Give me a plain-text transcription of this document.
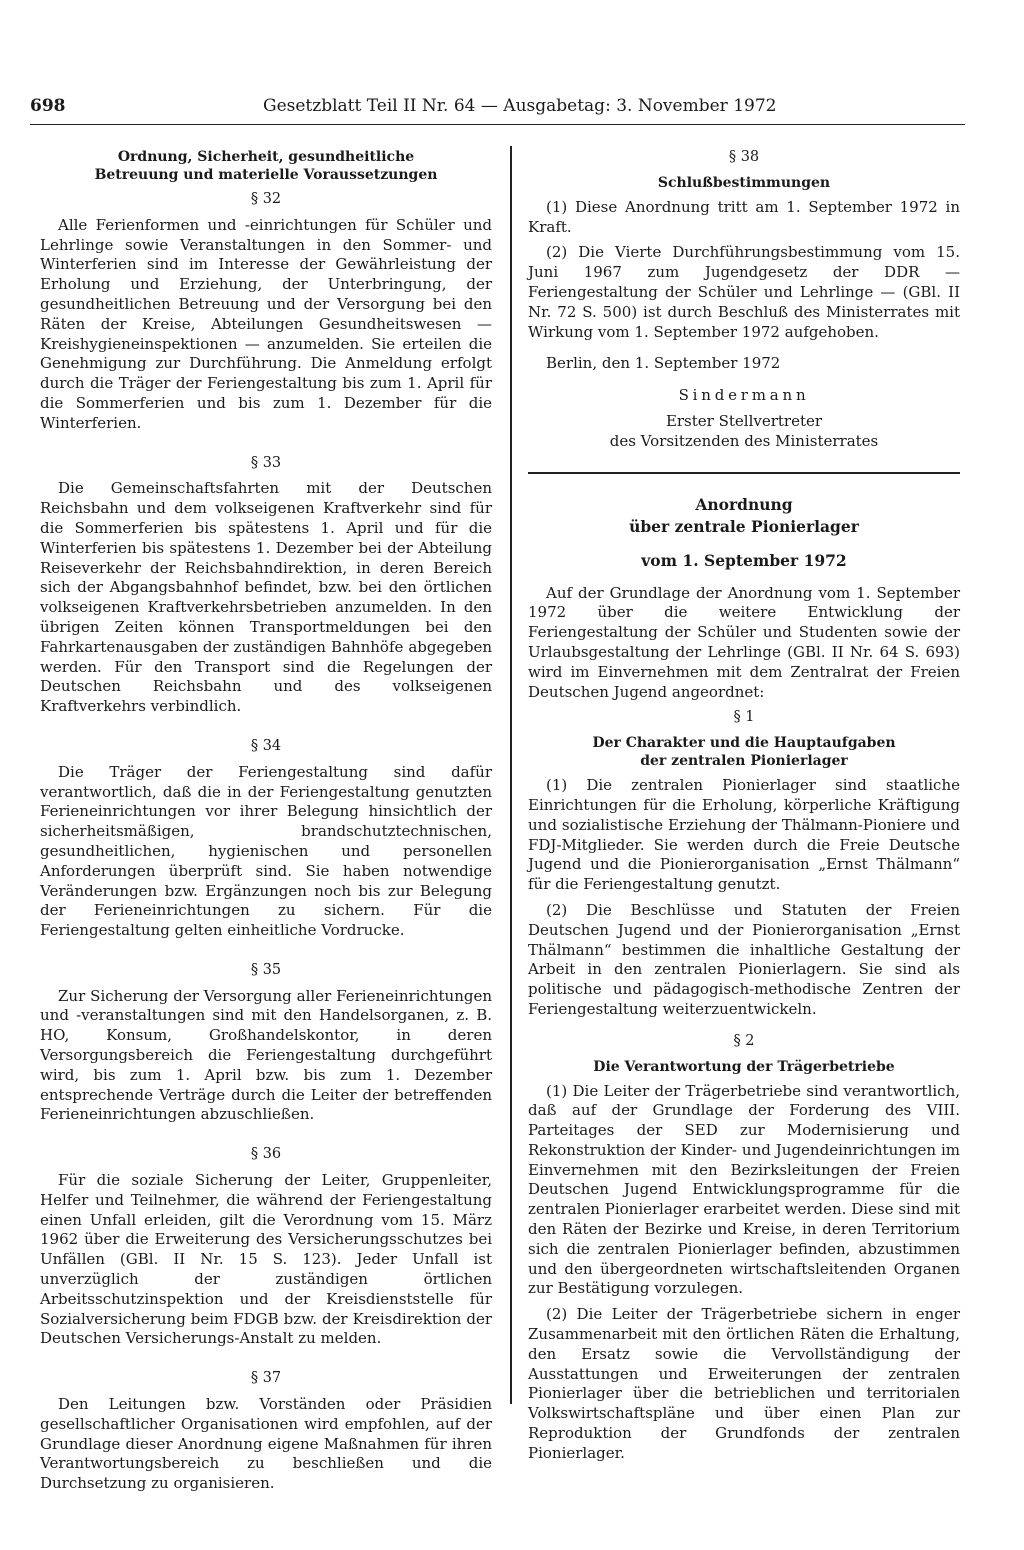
698	Gesetzblatt Teil II Nr. 64 — Ausgabetag: 3. November 1972
Ordnung, Sicherheit, gesundheitliche Betreuung und materielle Voraussetzungen
§ 32

Alle Ferienformen und -einrichtungen für Schüler und Lehrlinge sowie Veranstaltungen in den Sommer- und Winterferien sind im Interesse der Gewährleistung der Erholung und Erziehung, der Unterbringung, der gesundheitlichen Betreuung und der Versorgung bei den Räten der Kreise, Abteilungen Gesundheitswesen — Kreishygieneinspektionen — anzumelden. Sie erteilen die Genehmigung zur Durchführung. Die Anmeldung erfolgt durch die Träger der Feriengestaltung bis zum 1. April für die Sommerferien und bis zum 1. Dezember für die Winterferien.

§ 33

Die Gemeinschaftsfahrten mit der Deutschen Reichsbahn und dem volkseigenen Kraftverkehr sind für die Sommerferien bis spätestens 1. April und für die Winterferien bis spätestens 1. Dezember bei der Abteilung Reiseverkehr der Reichsbahndirektion, in deren Bereich sich der Abgangsbahnhof befindet, bzw. bei den örtlichen volkseigenen Kraftverkehrsbetrieben anzumelden. In den übrigen Zeiten können Transportmeldungen bei den Fahrkartenausgaben der zuständigen Bahnhöfe abgegeben werden. Für den Transport sind die Regelungen der Deutschen Reichsbahn und des volkseigenen Kraftverkehrs verbindlich.

§ 34

Die Träger der Feriengestaltung sind dafür verantwortlich, daß die in der Feriengestaltung genutzten Ferieneinrichtungen vor ihrer Belegung hinsichtlich der sicherheitsmäßigen, brandschutztechnischen, gesundheitlichen, hygienischen und personellen Anforderungen überprüft sind. Sie haben notwendige Veränderungen bzw. Ergänzungen noch bis zur Belegung der Ferieneinrichtungen zu sichern. Für die Feriengestaltung gelten einheitliche Vordrucke.

§ 35

Zur Sicherung der Versorgung aller Ferieneinrichtungen und -veranstaltungen sind mit den Handelsorganen, z. B. HO, Konsum, Großhandelskontor, in deren Versorgungsbereich die Feriengestaltung durchgeführt wird, bis zum 1. April bzw. bis zum 1. Dezember entsprechende Verträge durch die Leiter der betreffenden Ferieneinrichtungen abzuschließen.

§ 36

Für die soziale Sicherung der Leiter, Gruppenleiter, Helfer und Teilnehmer, die während der Feriengestaltung einen Unfall erleiden, gilt die Verordnung vom 15. März 1962 über die Erweiterung des Versicherungsschutzes bei Unfällen (GBl. II Nr. 15 S. 123). Jeder Unfall ist unverzüglich der zuständigen örtlichen Arbeitsschutzinspektion und der Kreisdienststelle für Sozialversicherung beim FDGB bzw. der Kreisdirektion der Deutschen Versicherungs-Anstalt zu melden.

§ 37

Den Leitungen bzw. Vorständen oder Präsidien gesellschaftlicher Organisationen wird empfohlen, auf der Grundlage dieser Anordnung eigene Maßnahmen für ihren Verantwortungsbereich zu beschließen und die Durchsetzung zu organisieren.

§ 38
Schlußbestimmungen

(1) Diese Anordnung tritt am 1. September 1972 in Kraft.

(2) Die Vierte Durchführungsbestimmung vom 15. Juni 1967 zum Jugendgesetz der DDR — Feriengestaltung der Schüler und Lehrlinge — (GBl. II Nr. 72 S. 500) ist durch Beschluß des Ministerrates mit Wirkung vom 1. September 1972 aufgehoben.

Berlin, den 1. September 1972

Sindermann
Erster Stellvertreter
des Vorsitzenden des Ministerrates
Anordnung
über zentrale Pionierlager
vom 1. September 1972

Auf der Grundlage der Anordnung vom 1. September 1972 über die weitere Entwicklung der Feriengestaltung der Schüler und Studenten sowie der Urlaubsgestaltung der Lehrlinge (GBl. II Nr. 64 S. 693) wird im Einvernehmen mit dem Zentralrat der Freien Deutschen Jugend angeordnet:

§ 1
Der Charakter und die Hauptaufgaben der zentralen Pionierlager

(1) Die zentralen Pionierlager sind staatliche Einrichtungen für die Erholung, körperliche Kräftigung und sozialistische Erziehung der Thälmann-Pioniere und FDJ-Mitglieder. Sie werden durch die Freie Deutsche Jugend und die Pionierorganisation „Ernst Thälmann“ für die Feriengestaltung genutzt.

(2) Die Beschlüsse und Statuten der Freien Deutschen Jugend und der Pionierorganisation „Ernst Thälmann“ bestimmen die inhaltliche Gestaltung der Arbeit in den zentralen Pionierlagern. Sie sind als politische und pädagogisch-methodische Zentren der Feriengestaltung weiterzuentwickeln.

§ 2
Die Verantwortung der Trägerbetriebe

(1) Die Leiter der Trägerbetriebe sind verantwortlich, daß auf der Grundlage der Forderung des VIII. Parteitages der SED zur Modernisierung und Rekonstruktion der Kinder- und Jugendeinrichtungen im Einvernehmen mit den Bezirksleitungen der Freien Deutschen Jugend Entwicklungsprogramme für die zentralen Pionierlager erarbeitet werden. Diese sind mit den Räten der Bezirke und Kreise, in deren Territorium sich die zentralen Pionierlager befinden, abzustimmen und den übergeordneten wirtschaftsleitenden Organen zur Bestätigung vorzulegen.

(2) Die Leiter der Trägerbetriebe sichern in enger Zusammenarbeit mit den örtlichen Räten die Erhaltung, den Ersatz sowie die Vervollständigung der Ausstattungen und Erweiterungen der zentralen Pionierlager über die betrieblichen und territorialen Volkswirtschaftspläne und über einen Plan zur Reproduktion der Grundfonds der zentralen Pionierlager.
